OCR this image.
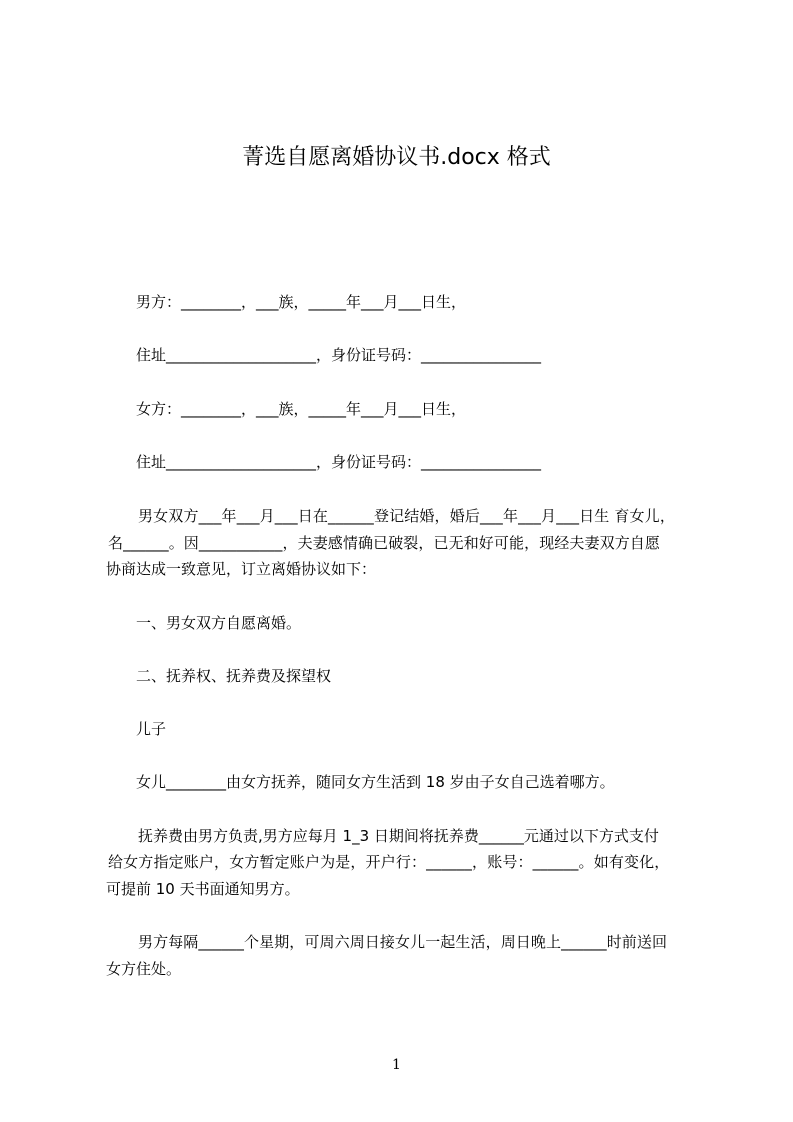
菁选自愿离婚协议书.docx 格式
男方：________，___族，_____年___月___日生，
住址____________________，身份证号码：________________
女方：________，___族，_____年___月___日生，
住址____________________，身份证号码：________________
男女双方___年___月___日在______登记结婚，婚后___年___月___日生 育女儿，
名______。因___________，夫妻感情确已破裂，已无和好可能，现经夫妻双方自愿
协商达成一致意见，订立离婚协议如下：
一、男女双方自愿离婚。
二、抚养权、抚养费及探望权
儿子
女儿________由女方抚养，随同女方生活到 18 岁由子女自己选着哪方。
抚养费由男方负责,男方应每月 1_3 日期间将抚养费______元通过以下方式支付
给女方指定账户，女方暂定账户为是，开户行：______，账号：______。如有变化，
可提前 10 天书面通知男方。
男方每隔______个星期，可周六周日接女儿一起生活，周日晚上______时前送回
女方住处。
1
